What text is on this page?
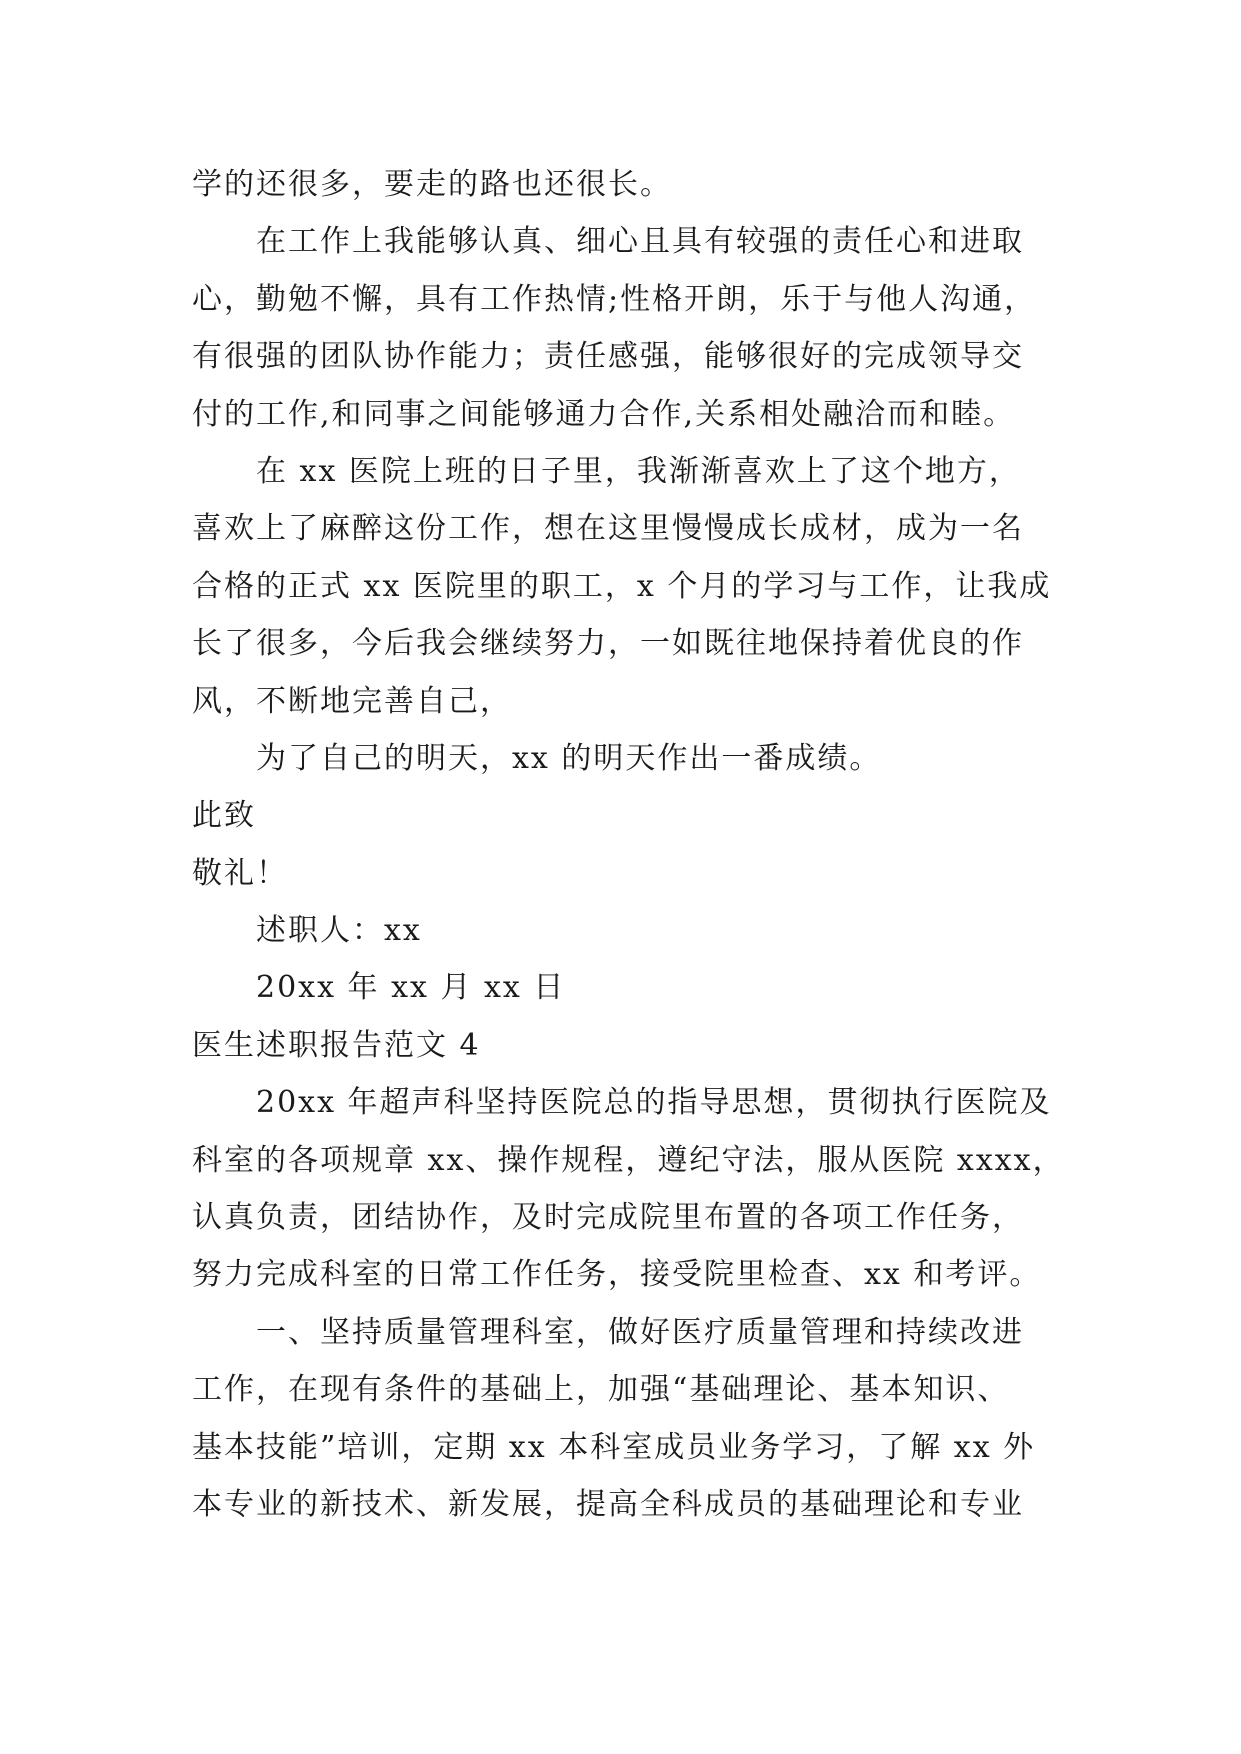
学的还很多，要走的路也还很长。
在工作上我能够认真、细心且具有较强的责任心和进取
心，勤勉不懈，具有工作热情;性格开朗，乐于与他人沟通，
有很强的团队协作能力；责任感强，能够很好的完成领导交
付的工作,和同事之间能够通力合作,关系相处融洽而和睦。
在 xx 医院上班的日子里，我渐渐喜欢上了这个地方，
喜欢上了麻醉这份工作，想在这里慢慢成长成材，成为一名
合格的正式 xx 医院里的职工，x 个月的学习与工作，让我成
长了很多，今后我会继续努力，一如既往地保持着优良的作
风，不断地完善自己，
为了自己的明天，xx 的明天作出一番成绩。
此致
敬礼！
述职人：xx
20xx 年 xx 月 xx 日
医生述职报告范文 4
20xx 年超声科坚持医院总的指导思想，贯彻执行医院及
科室的各项规章 xx、操作规程，遵纪守法，服从医院 xxxx，
认真负责，团结协作，及时完成院里布置的各项工作任务，
努力完成科室的日常工作任务，接受院里检查、xx 和考评。
一、坚持质量管理科室，做好医疗质量管理和持续改进
工作，在现有条件的基础上，加强“基础理论、基本知识、
基本技能”培训，定期 xx 本科室成员业务学习，了解 xx 外
本专业的新技术、新发展，提高全科成员的基础理论和专业
